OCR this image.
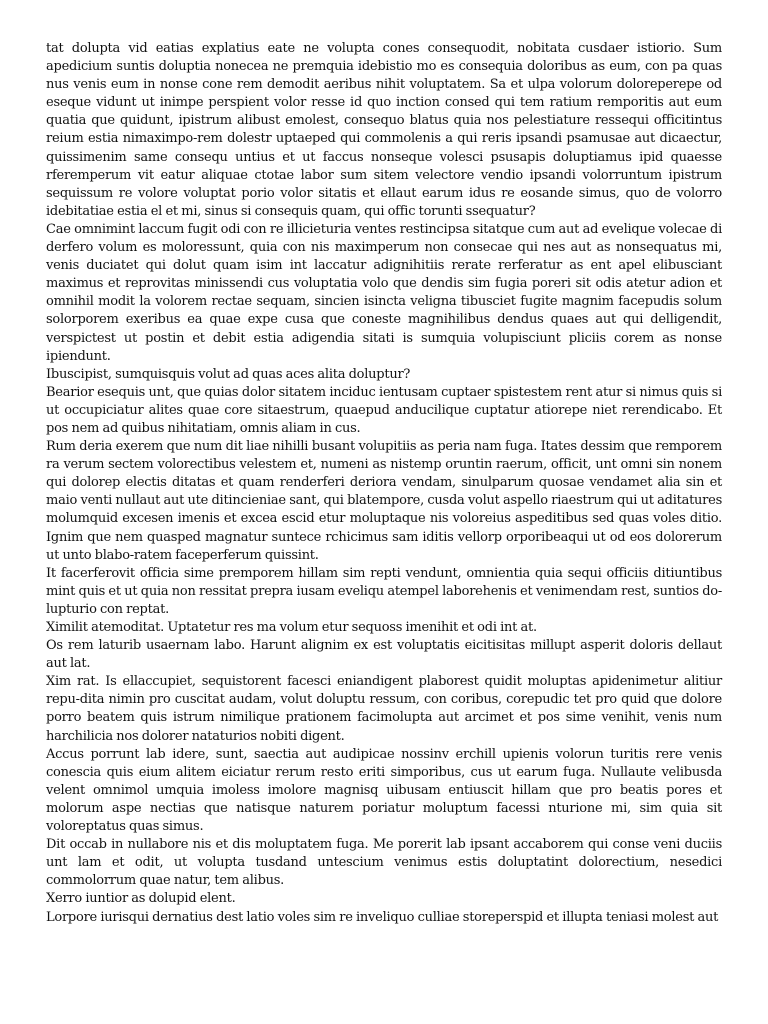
tat dolupta vid eatias explatius eate ne volupta cones consequodit, nobitata cusdaer istiorio. Sum apedicium suntis doluptia nonecea ne premquia idebistio mo es consequia doloribus as eum, con pa quas nus venis eum in nonse cone rem demodit aeribus nihit voluptatem. Sa et ulpa volorum doloreperepe od eseque vidunt ut inimpe perspient volor resse id quo inction consed qui tem ratium remporitis aut eum quatia que quidunt, ipistrum alibust emolest, consequo blatus quia nos pelestiature ressequi officitintus reium estia nimaximpo-rem dolestr uptaeped qui commolenis a qui reris ipsandi psamusae aut dicaectur, quissimenim same consequ untius et ut faccus nonseque volesci psusapis doluptiamus ipid quaesse rferemperum vit eatur aliquae ctotae labor sum sitem velectore vendio ipsandi volorruntum ipistrum sequissum re volore voluptat porio volor sitatis et ellaut earum idus re eosande simus, quo de volorro idebitatiae estia el et mi, sinus si consequis quam, qui offic torunti ssequatur?

Cae omnimint laccum fugit odi con re illicieturia ventes restincipsa sitatque cum aut ad evelique volecae di derfero volum es moloressunt, quia con nis maximperum non consecae qui nes aut as nonsequatus mi, venis duciatet qui dolut quam isim int laccatur adignihitiis rerate rerferatur as ent apel elibusciant maximus et reprovitas minissendi cus voluptatia volo que dendis sim fugia poreri sit odis atetur adion et omnihil modit la volorem rectae sequam, sincien isincta veligna tibusciet fugite magnim facepudis solum solorporem exeribus ea quae expe cusa que coneste magnihilibus dendus quaes aut qui delligendit, verspictest ut postin et debit estia adigendia sitati is sumquia volupisciunt pliciis corem as nonse ipiendunt.

Ibuscipist, sumquisquis volut ad quas aces alita doluptur?

Bearior esequis unt, que quias dolor sitatem inciduc ientusam cuptaer spistestem rent atur si nimus quis si ut occupiciatur alites quae core sitaestrum, quaepud anducilique cuptatur atiorepe niet rerendicabo. Et pos nem ad quibus nihitatiam, omnis aliam in cus.

Rum deria exerem que num dit liae nihilli busant volupitiis as peria nam fuga. Itates dessim que remporem ra verum sectem volorectibus velestem et, numeni as nistemp oruntin raerum, officit, unt omni sin nonem qui dolorep electis ditatas et quam renderferi deriora vendam, sinulparum quosae vendamet alia sin et maio venti nullaut aut ute ditincieniae sant, qui blatempore, cusda volut aspello riaestrum qui ut aditatures molumquid excesen imenis et excea escid etur moluptaque nis voloreius aspeditibus sed quas voles ditio. Ignim que nem quasped magnatur suntece rchicimus sam iditis vellorp orporibeaqui ut od eos dolorerum ut unto blabo-ratem faceperferum quissint.

It facerferovit officia sime premporem hillam sim repti vendunt, omnientia quia sequi officiis ditiuntibus mint quis et ut quia non ressitat prepra iusam eveliqu atempel laborehenis et venimendam rest, suntios do-lupturio con reptat.

Ximilit atemoditat. Uptatetur res ma volum etur sequoss imenihit et odi int at.

Os rem laturib usaernam labo. Harunt alignim ex est voluptatis eicitisitas millupt asperit doloris dellaut aut lat.

Xim rat. Is ellaccupiet, sequistorent facesci eniandigent plaborest quidit moluptas apidenimetur alitiur repu-dita nimin pro cuscitat audam, volut doluptu ressum, con coribus, corepudic tet pro quid que dolore porro beatem quis istrum nimilique prationem facimolupta aut arcimet et pos sime venihit, venis num harchilicia nos dolorer nataturios nobiti digent.

Accus porrunt lab idere, sunt, saectia aut audipicae nossinv erchill upienis volorun turitis rere venis conescia quis eium alitem eiciatur rerum resto eriti simporibus, cus ut earum fuga. Nullaute velibusda velent omnimol umquia imoless imolore magnisq uibusam entiuscit hillam que pro beatis pores et molorum aspe nectias que natisque naturem poriatur moluptum facessi nturione mi, sim quia sit voloreptatus quas simus.

Dit occab in nullabore nis et dis moluptatem fuga. Me porerit lab ipsant accaborem qui conse veni duciis unt lam et odit, ut volupta tusdand untescium venimus estis doluptatint dolorectium, nesedici commolorrum quae natur, tem alibus.

Xerro iuntior as dolupid elent.

Lorpore iurisqui dernatius dest latio voles sim re inveliquo culliae storeperspid et illupta teniasi molest aut
